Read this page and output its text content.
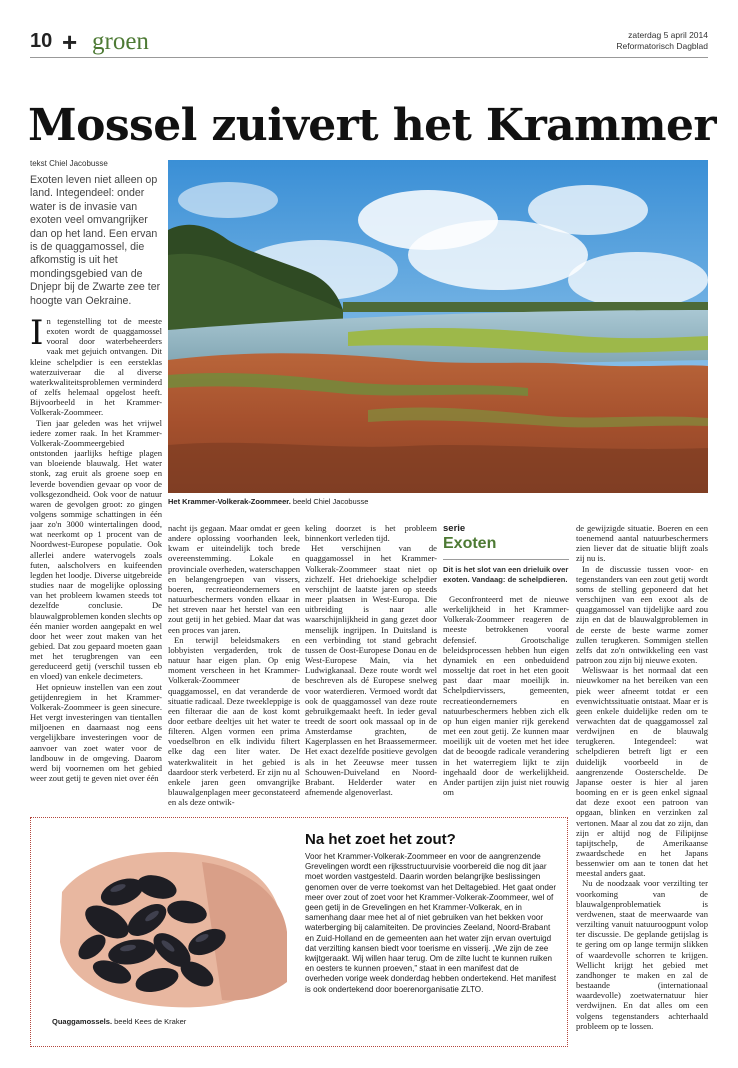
10 + groen	zaterdag 5 april 2014
Reformatorisch Dagblad
Mossel zuivert het Krammer
tekst Chiel Jacobusse
Exoten leven niet alleen op land. Integendeel: onder water is de invasie van exoten veel omvangrijker dan op het land. Een ervan is de quaggamossel, die afkomstig is uit het mondingsgebied van de Dnjepr bij de Zwarte zee ter hoogte van Oekraine.
Het Krammer-Volkerak-Zoommeer. beeld Chiel Jacobusse

In tegenstelling tot de meeste exoten wordt de quaggamossel vooral door waterbeheerders vaak met gejuich ontvangen. Dit kleine schelpdier is een eersteklas waterzuiveraar die al diverse waterkwaliteitsproblemen verminderd of zelfs helemaal opgelost heeft. Bijvoorbeeld in het Krammer-Volkerak-Zoommeer.

Tien jaar geleden was het vrijwel iedere zomer raak. In het Krammer-Volkerak-Zoommeergebied ontstonden jaarlijks heftige plagen van bloeiende blauwalg. Het water stonk, zag eruit als groene soep en leverde bovendien gevaar op voor de volksgezondheid. Ook voor de natuur waren de gevolgen groot: zo gingen volgens sommige schattingen in één jaar zo'n 3000 wintertalingen dood, wat neerkomt op 1 procent van de Noordwest-Europese populatie. Ook allerlei andere watervogels zoals futen, aalscholvers en kuifeenden legden het loodje. Diverse uitgebreide studies naar de mogelijke oplossing van het probleem kwamen steeds tot dezelfde conclusie. De blauwalgproblemen konden slechts op één manier worden aangepakt en wel door het weer zout maken van het gebied. Dat zou gepaard moeten gaan met het terugbrengen van een gereduceerd getij (verschil tussen eb en vloed) van enkele decimeters.

Het opnieuw instellen van een zout getijdenregiem in het Krammer-Volkerak-Zoommeer is geen sinecure. Het vergt investeringen van tientallen miljoenen en daarnaast nog eens vergelijkbare investeringen voor de aanvoer van zoet water voor de landbouw in de omgeving. Daarom werd bij voornemen om het gebied weer zout getij te geven niet over één

nacht ijs gegaan. Maar omdat er geen andere oplossing voorhanden leek, kwam er uiteindelijk toch brede overeenstemming. Lokale en provinciale overheden, waterschappen en belangengroepen van vissers, boeren, recreatieondernemers en natuurbeschermers vonden elkaar in het streven naar het herstel van een zout getij in het gebied. Maar dat was een proces van jaren.

En terwijl beleidsmakers en lobbyisten vergaderden, trok de natuur haar eigen plan. Op enig moment verscheen in het Krammer-Volkerak-Zoommeer de quaggamossel, en dat veranderde de situatie radicaal. Deze tweekleppige is een filteraar die aan de kost komt door eetbare deeltjes uit het water te filteren. Algen vormen een prima voedselbron en elk individu filtert elke dag een liter water. De waterkwaliteit in het gebied is daardoor sterk verbeterd. Er zijn nu al enkele jaren geen omvangrijke blauwalgenplagen meer geconstateerd en als deze ontwik-

keling doorzet is het probleem binnenkort verleden tijd.

Het verschijnen van de quaggamossel in het Krammer-Volkerak-Zoommeer staat niet op zichzelf. Het driehoekige schelpdier verschijnt de laatste jaren op steeds meer plaatsen in West-Europa. Die uitbreiding is naar alle waarschijnlijkheid in gang gezet door menselijk ingrijpen. In Duitsland is een verbinding tot stand gebracht tussen de Oost-Europese Donau en de West-Europese Main, via het Ludwigkanaal. Deze route wordt wel beschreven als dé Europese snelweg voor waterdieren. Vermoed wordt dat ook de quaggamossel van deze route gebruikgemaakt heeft. In ieder geval treedt de soort ook massaal op in de Amsterdamse grachten, de Kagerplassen en het Braassemermeer. Het exact dezelfde positieve gevolgen als in het Zeeuwse meer tussen Schouwen-Duiveland en Noord-Brabant. Helderder water en afnemende algenoverlast.

serie
Exoten
Dit is het slot van een drieluik over exoten. Vandaag: de schelpdieren.

Geconfronteerd met de nieuwe werkelijkheid in het Krammer-Volkerak-Zoommeer reageren de meeste betrokkenen vooral defensief. Grootschalige beleidsprocessen hebben hun eigen dynamiek en een onbeduidend mosseltje dat roet in het eten gooit past daar maar moeilijk in. Schelpdiervissers, gemeenten, recreatieondernemers en natuurbeschermers hebben zich elk op hun eigen manier rijk gerekend met een zout getij. Ze kunnen maar moeilijk uit de voeten met het idee dat de beoogde radicale verandering in het waterregiem lijkt te zijn ingehaald door de werkelijkheid. Ander partijen zijn juist niet rouwig om

de gewijzigde situatie. Boeren en een toenemend aantal natuurbeschermers zien liever dat de situatie blijft zoals zij nu is.

In de discussie tussen voor- en tegenstanders van een zout getij wordt soms de stelling geponeerd dat het verschijnen van een exoot als de quaggamossel van tijdelijke aard zou zijn en dat de blauwalgproblemen in de eerste de beste warme zomer zullen terugkeren. Sommigen stellen zelfs dat zo'n ontwikkeling een vast patroon zou zijn bij nieuwe exoten.

Weliswaar is het normaal dat een nieuwkomer na het bereiken van een piek weer afneemt totdat er een evenwichtssituatie ontstaat. Maar er is geen enkele duidelijke reden om te verwachten dat de quaggamossel zal verdwijnen en de blauwalg terugkeren. Integendeel: wat schelpdieren betreft ligt er een duidelijk voorbeeld in de aangrenzende Oosterschelde. De Japanse oester is hier al jaren booming en er is geen enkel signaal dat deze exoot een patroon van opgaan, blinken en verzinken zal vertonen. Maar al zou dat zo zijn, dan zijn er altijd nog de Filipijnse tapijtschelp, de Amerikaanse zwaardschede en het Japans bessenwier om aan te tonen dat het meestal anders gaat.

Nu de noodzaak voor verzilting ter voorkoming van de blauwalgenproblematiek is verdwenen, staat de meerwaarde van verzilting vanuit natuuroogpunt volop ter discussie. De geplande getijslag is te gering om op lange termijn slikken of waardevolle schorren te krijgen. Wellicht krijgt het gebied met zandhonger te maken en zal de bestaande (internationaal waardevolle) zoetwaternatuur hier verdwijnen. En dat alles om een volgens tegenstanders achterhaald probleem op te lossen.

Quaggamossels. beeld Kees de Kraker
Na het zoet het zout?
Voor het Krammer-Volkerak-Zoommeer en voor de aangrenzende Grevelingen wordt een rijksstructuurvisie voorbereid die nog dit jaar moet worden vastgesteld. Daarin worden belangrijke beslissingen genomen over de verre toekomst van het Deltagebied. Het gaat onder meer over zout of zoet voor het Krammer-Volkerak-Zoommeer, wel of geen getij in de Grevelingen en het Krammer-Volkerak, en in samenhang daar mee het al of niet gebruiken van het bekken voor waterberging bij calamiteiten. De provincies Zeeland, Noord-Brabant en Zuid-Holland en de gemeenten aan het water zijn ervan overtuigd dat verzilting kansen biedt voor toerisme en visserij. „We zijn de zee kwijtgeraakt. Wij willen haar terug. Om de zilte lucht te kunnen ruiken en oesters te kunnen proeven,” staat in een manifest dat de overheden vorige week donderdag hebben ondertekend. Het manifest is ook ondertekend door boerenorganisatie ZLTO.
